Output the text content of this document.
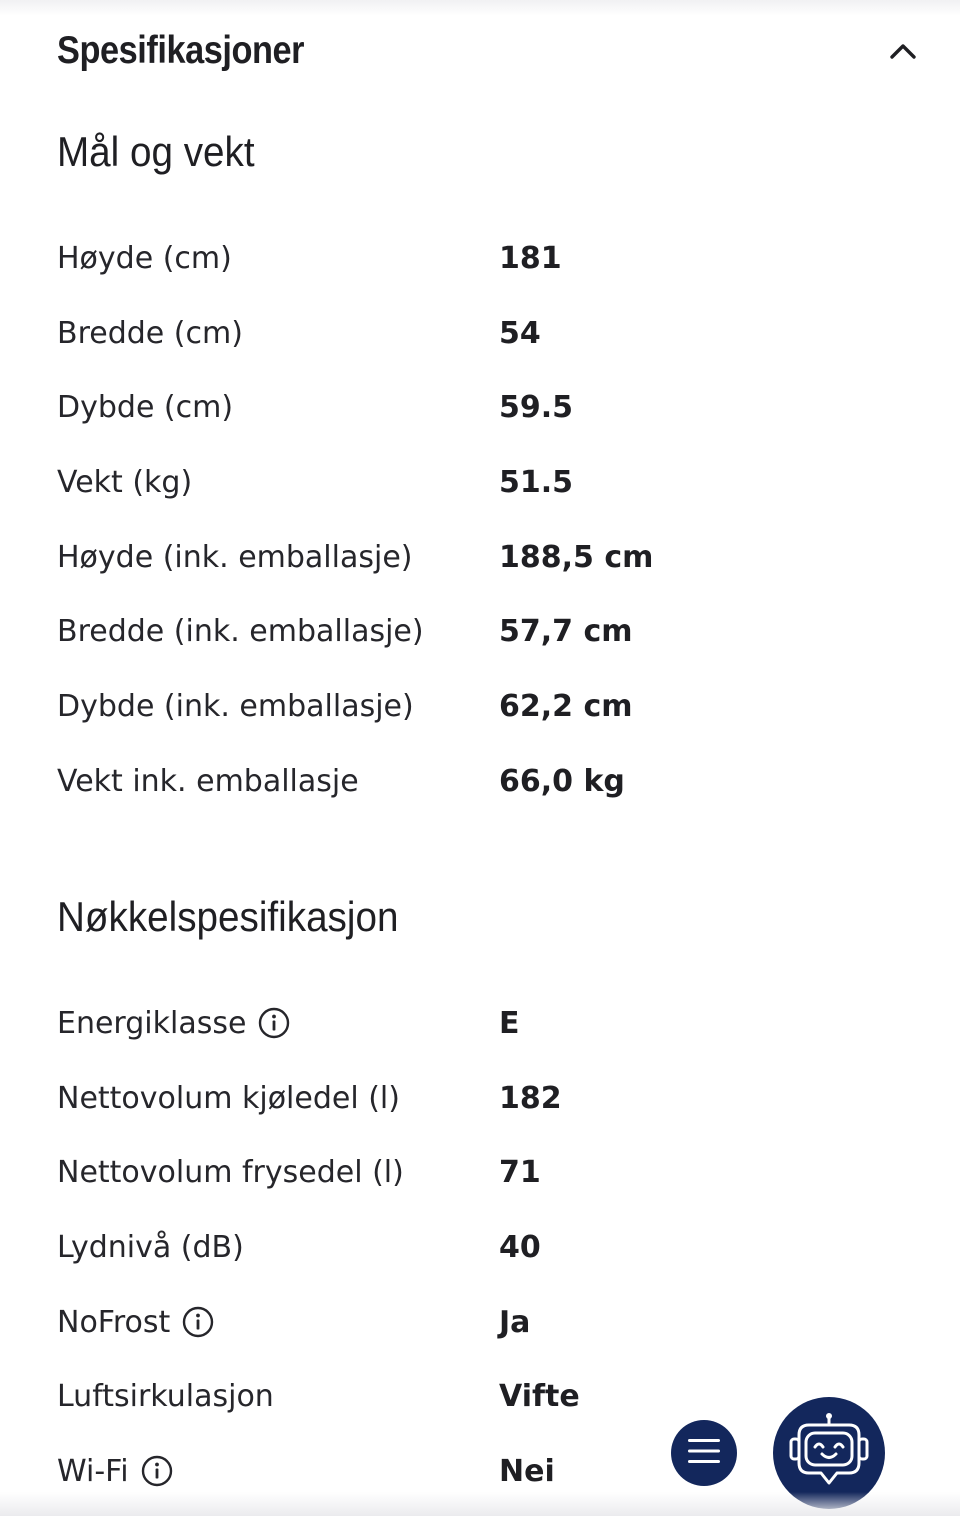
Spesifikasjoner
Mål og vekt
Høyde (cm)	181
Bredde (cm)	54
Dybde (cm)	59.5
Vekt (kg)	51.5
Høyde (ink. emballasje)	188,5 cm
Bredde (ink. emballasje)	57,7 cm
Dybde (ink. emballasje)	62,2 cm
Vekt ink. emballasje	66,0 kg
Nøkkelspesifikasjon
Energiklasse	E
Nettovolum kjøledel (l)	182
Nettovolum frysedel (l)	71
Lydnivå (dB)	40
NoFrost	Ja
Luftsirkulasjon	Vifte
Wi-Fi	Nei
